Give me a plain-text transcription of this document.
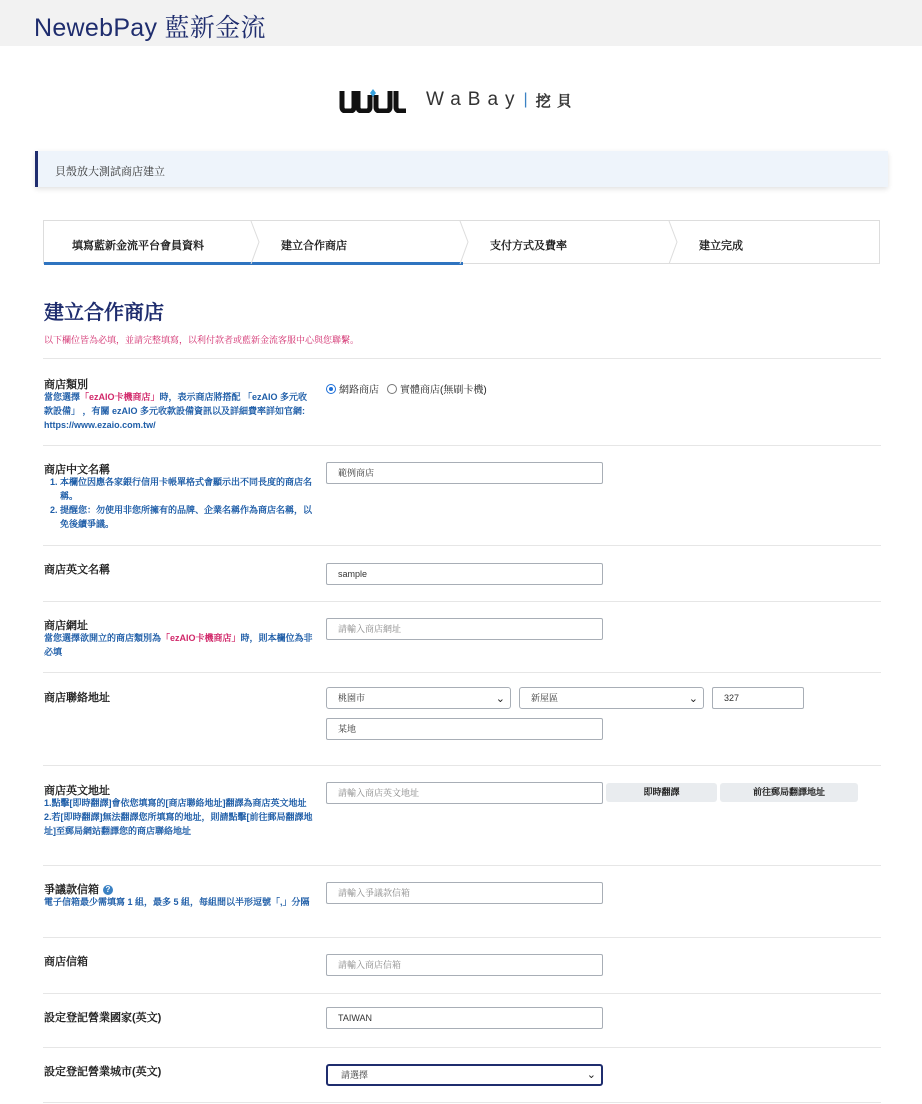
NewebPay 藍新金流
WaBay | 挖貝
貝殼放大測試商店建立
填寫藍新金流平台會員資料	建立合作商店	支付方式及費率	建立完成
建立合作商店
以下欄位皆為必填，並請完整填寫，以利付款者或藍新金流客服中心與您聯繫。
商店類別
當您選擇「ezAIO卡機商店」時，表示商店將搭配 「ezAIO 多元收款設備」 ，有關 ezAIO 多元收款設備資訊以及詳細費率詳如官網: https://www.ezaio.com.tw/
網路商店 實體商店(無刷卡機)
商店中文名稱
1. 本欄位因應各家銀行信用卡帳單格式會顯示出不同長度的商店名稱。
2. 提醒您：勿使用非您所擁有的品牌、企業名稱作為商店名稱，以免後續爭議。
範例商店
商店英文名稱	sample
商店網址
當您選擇欲開立的商店類別為「ezAIO卡機商店」時，則本欄位為非必填
請輸入商店網址
商店聯絡地址	桃園市	⌄	新屋區	⌄	327
某地
商店英文地址
1.點擊[即時翻譯]會依您填寫的[商店聯絡地址]翻譯為商店英文地址
2.若[即時翻譯]無法翻譯您所填寫的地址，則請點擊[前往郵局翻譯地址]至郵局網站翻譯您的商店聯絡地址
請輸入商店英文地址	即時翻譯	前往郵局翻譯地址
爭議款信箱 ?
電子信箱最少需填寫 1 組，最多 5 組，每組間以半形逗號「,」分隔
請輸入爭議款信箱
商店信箱	請輸入商店信箱
設定登記營業國家(英文)	TAIWAN
設定登記營業城市(英文)	請選擇	⌄
